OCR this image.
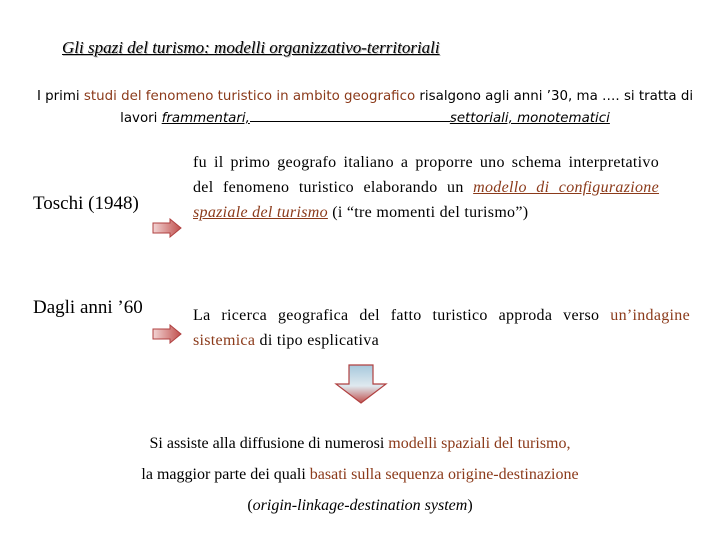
Gli spazi del turismo: modelli organizzativo-territoriali
I primi studi del fenomeno turistico in ambito geografico risalgono agli anni ’30, ma …. si tratta di lavori frammentari,	settoriali, monotematici
Toschi (1948)
fu il primo geografo italiano a proporre uno schema interpretativo del fenomeno turistico elaborando un modello di configurazione spaziale del turismo (i “tre momenti del turismo”)
Dagli anni ’60	La ricerca geografica del fatto turistico approda verso un’indagine sistemica di tipo esplicativa
Si assiste alla diffusione di numerosi modelli spaziali del turismo,
la maggior parte dei quali basati sulla sequenza origine-destinazione
(origin-linkage-destination system)
